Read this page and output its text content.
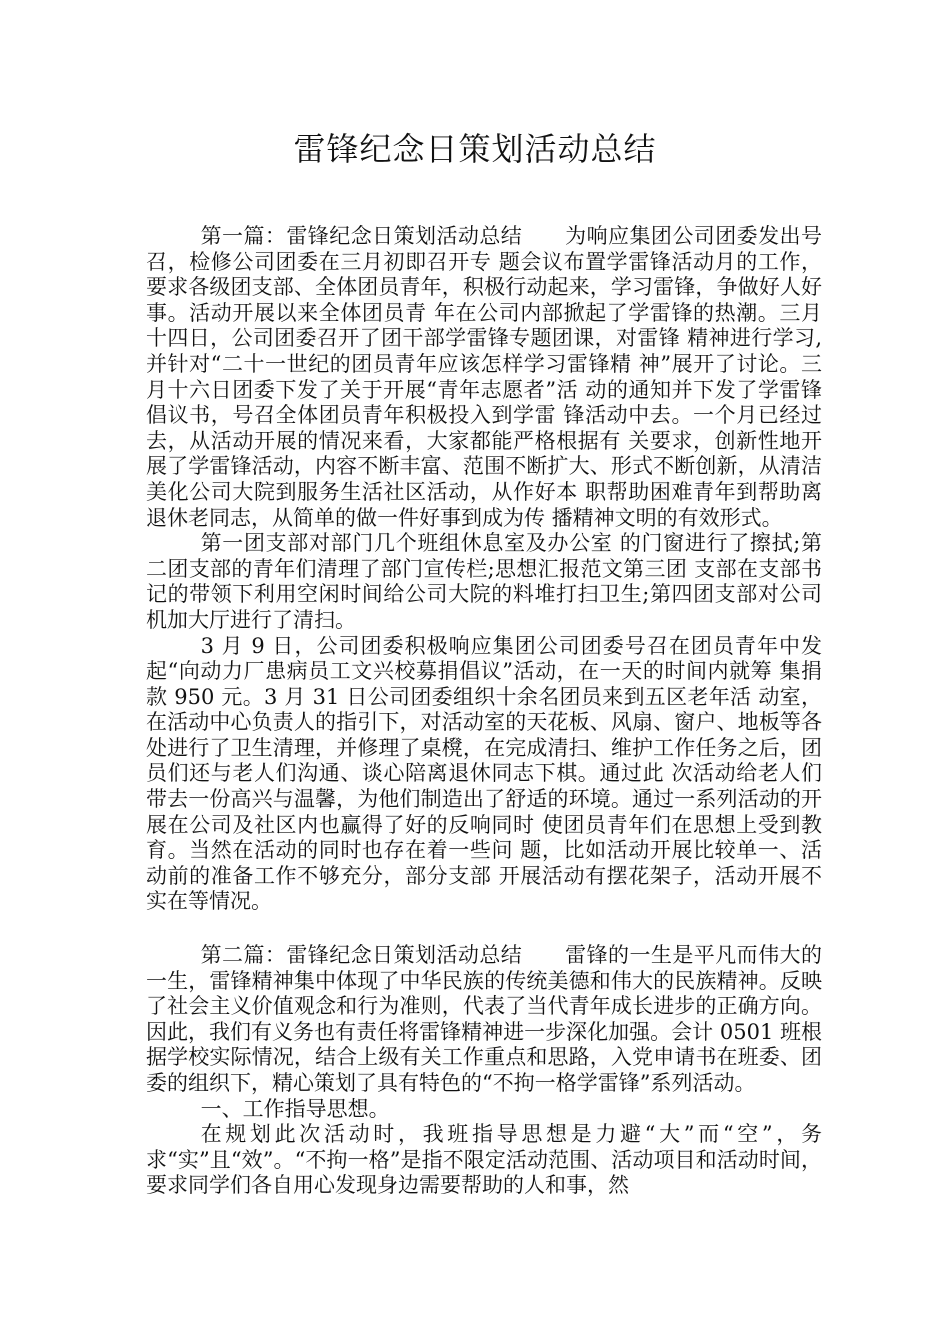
雷锋纪念日策划活动总结

第一篇：雷锋纪念日策划活动总结　　为响应集团公司团委发出号召，检修公司团委在三月初即召开专 题会议布置学雷锋活动月的工作，要求各级团支部、全体团员青年，积极行动起来，学习雷锋，争做好人好事。活动开展以来全体团员青 年在公司内部掀起了学雷锋的热潮。三月十四日，公司团委召开了团干部学雷锋专题团课，对雷锋 精神进行学习,并针对“二十一世纪的团员青年应该怎样学习雷锋精 神”展开了讨论。三月十六日团委下发了关于开展“青年志愿者”活 动的通知并下发了学雷锋倡议书，号召全体团员青年积极投入到学雷 锋活动中去。一个月已经过去，从活动开展的情况来看，大家都能严格根据有 关要求，创新性地开展了学雷锋活动，内容不断丰富、范围不断扩大、形式不断创新，从清洁美化公司大院到服务生活社区活动，从作好本 职帮助困难青年到帮助离退休老同志，从简单的做一件好事到成为传 播精神文明的有效形式。

第一团支部对部门几个班组休息室及办公室 的门窗进行了擦拭;第二团支部的青年们清理了部门宣传栏;思想汇报范文第三团 支部在支部书记的带领下利用空闲时间给公司大院的料堆打扫卫生;第四团支部对公司机加大厅进行了清扫。

3 月 9 日，公司团委积极响应集团公司团委号召在团员青年中发 起“向动力厂患病员工文兴校募捐倡议”活动，在一天的时间内就筹 集捐款 950 元。3 月 31 日公司团委组织十余名团员来到五区老年活 动室，在活动中心负责人的指引下，对活动室的天花板、风扇、窗户、地板等各处进行了卫生清理，并修理了桌櫈，在完成清扫、维护工作任务之后，团员们还与老人们沟通、谈心陪离退休同志下棋。通过此 次活动给老人们带去一份高兴与温馨，为他们制造出了舒适的环境。通过一系列活动的开展在公司及社区内也赢得了好的反响同时 使团员青年们在思想上受到教育。当然在活动的同时也存在着一些问 题，比如活动开展比较单一、活动前的准备工作不够充分，部分支部 开展活动有摆花架子，活动开展不实在等情况。

第二篇：雷锋纪念日策划活动总结　　雷锋的一生是平凡而伟大的一生，雷锋精神集中体现了中华民族的传统美德和伟大的民族精神。反映了社会主义价值观念和行为准则，代表了当代青年成长进步的正确方向。因此，我们有义务也有责任将雷锋精神进一步深化加强。会计 0501 班根据学校实际情况，结合上级有关工作重点和思路，入党申请书在班委、团委的组织下，精心策划了具有特色的“不拘一格学雷锋”系列活动。

一、工作指导思想。

在规划此次活动时，我班指导思想是力避“大”而“空”，务求“实”且“效”。“不拘一格”是指不限定活动范围、活动项目和活动时间，要求同学们各自用心发现身边需要帮助的人和事，然
